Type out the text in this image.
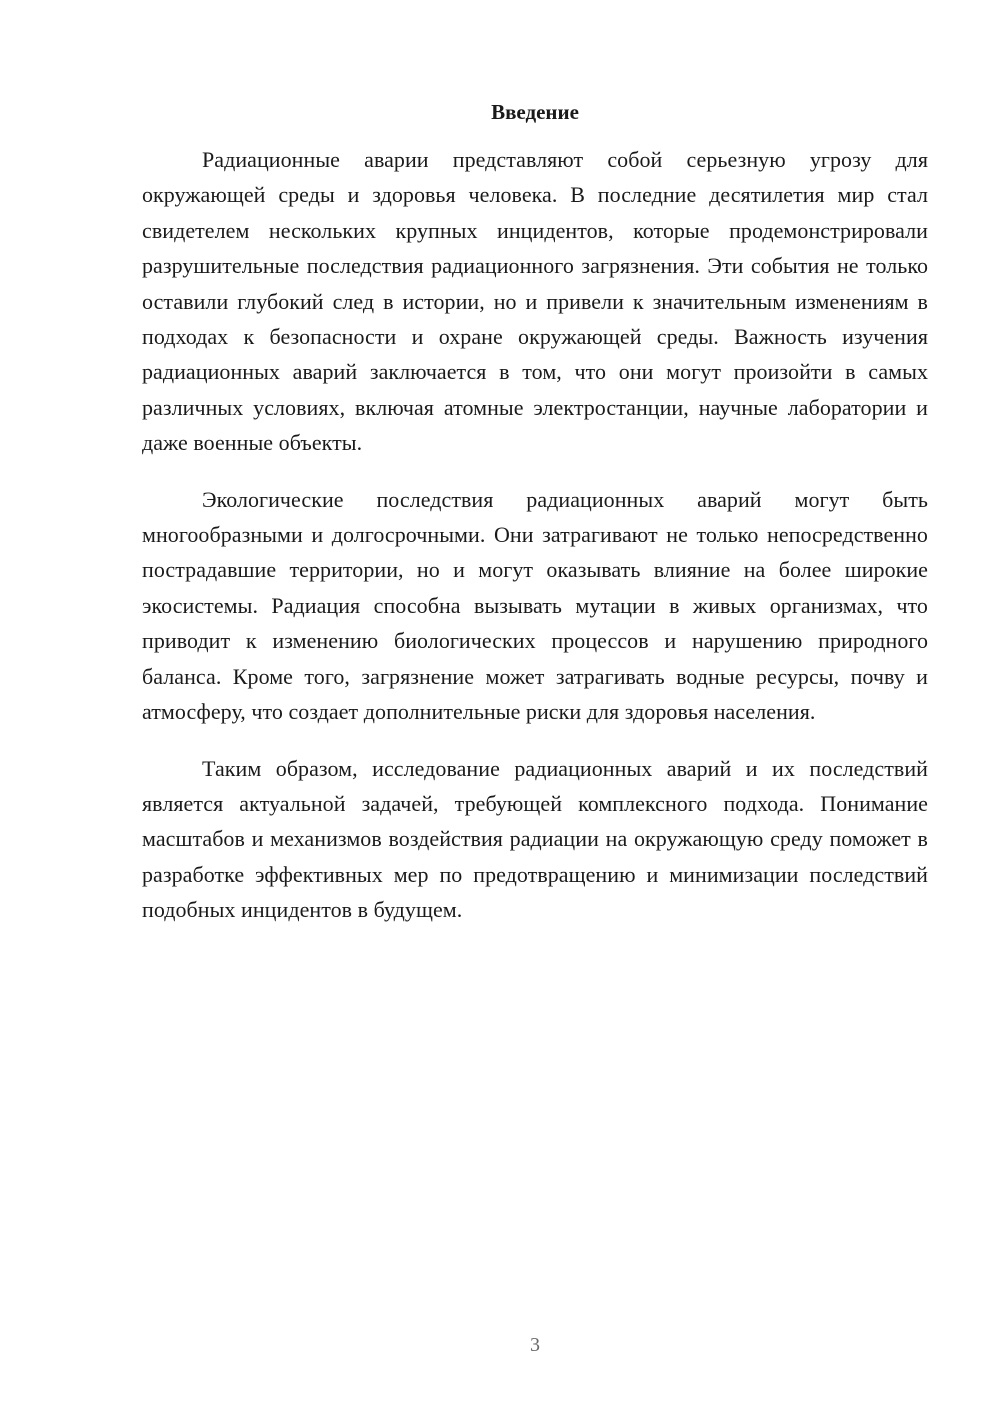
Введение

Радиационные аварии представляют собой серьезную угрозу для окружающей среды и здоровья человека. В последние десятилетия мир стал свидетелем нескольких крупных инцидентов, которые продемонстрировали разрушительные последствия радиационного загрязнения. Эти события не только оставили глубокий след в истории, но и привели к значительным изменениям в подходах к безопасности и охране окружающей среды. Важность изучения радиационных аварий заключается в том, что они могут произойти в самых различных условиях, включая атомные электростанции, научные лаборатории и даже военные объекты.

Экологические последствия радиационных аварий могут быть многообразными и долгосрочными. Они затрагивают не только непосредственно пострадавшие территории, но и могут оказывать влияние на более широкие экосистемы. Радиация способна вызывать мутации в живых организмах, что приводит к изменению биологических процессов и нарушению природного баланса. Кроме того, загрязнение может затрагивать водные ресурсы, почву и атмосферу, что создает дополнительные риски для здоровья населения.

Таким образом, исследование радиационных аварий и их последствий является актуальной задачей, требующей комплексного подхода. Понимание масштабов и механизмов воздействия радиации на окружающую среду поможет в разработке эффективных мер по предотвращению и минимизации последствий подобных инцидентов в будущем.

3
